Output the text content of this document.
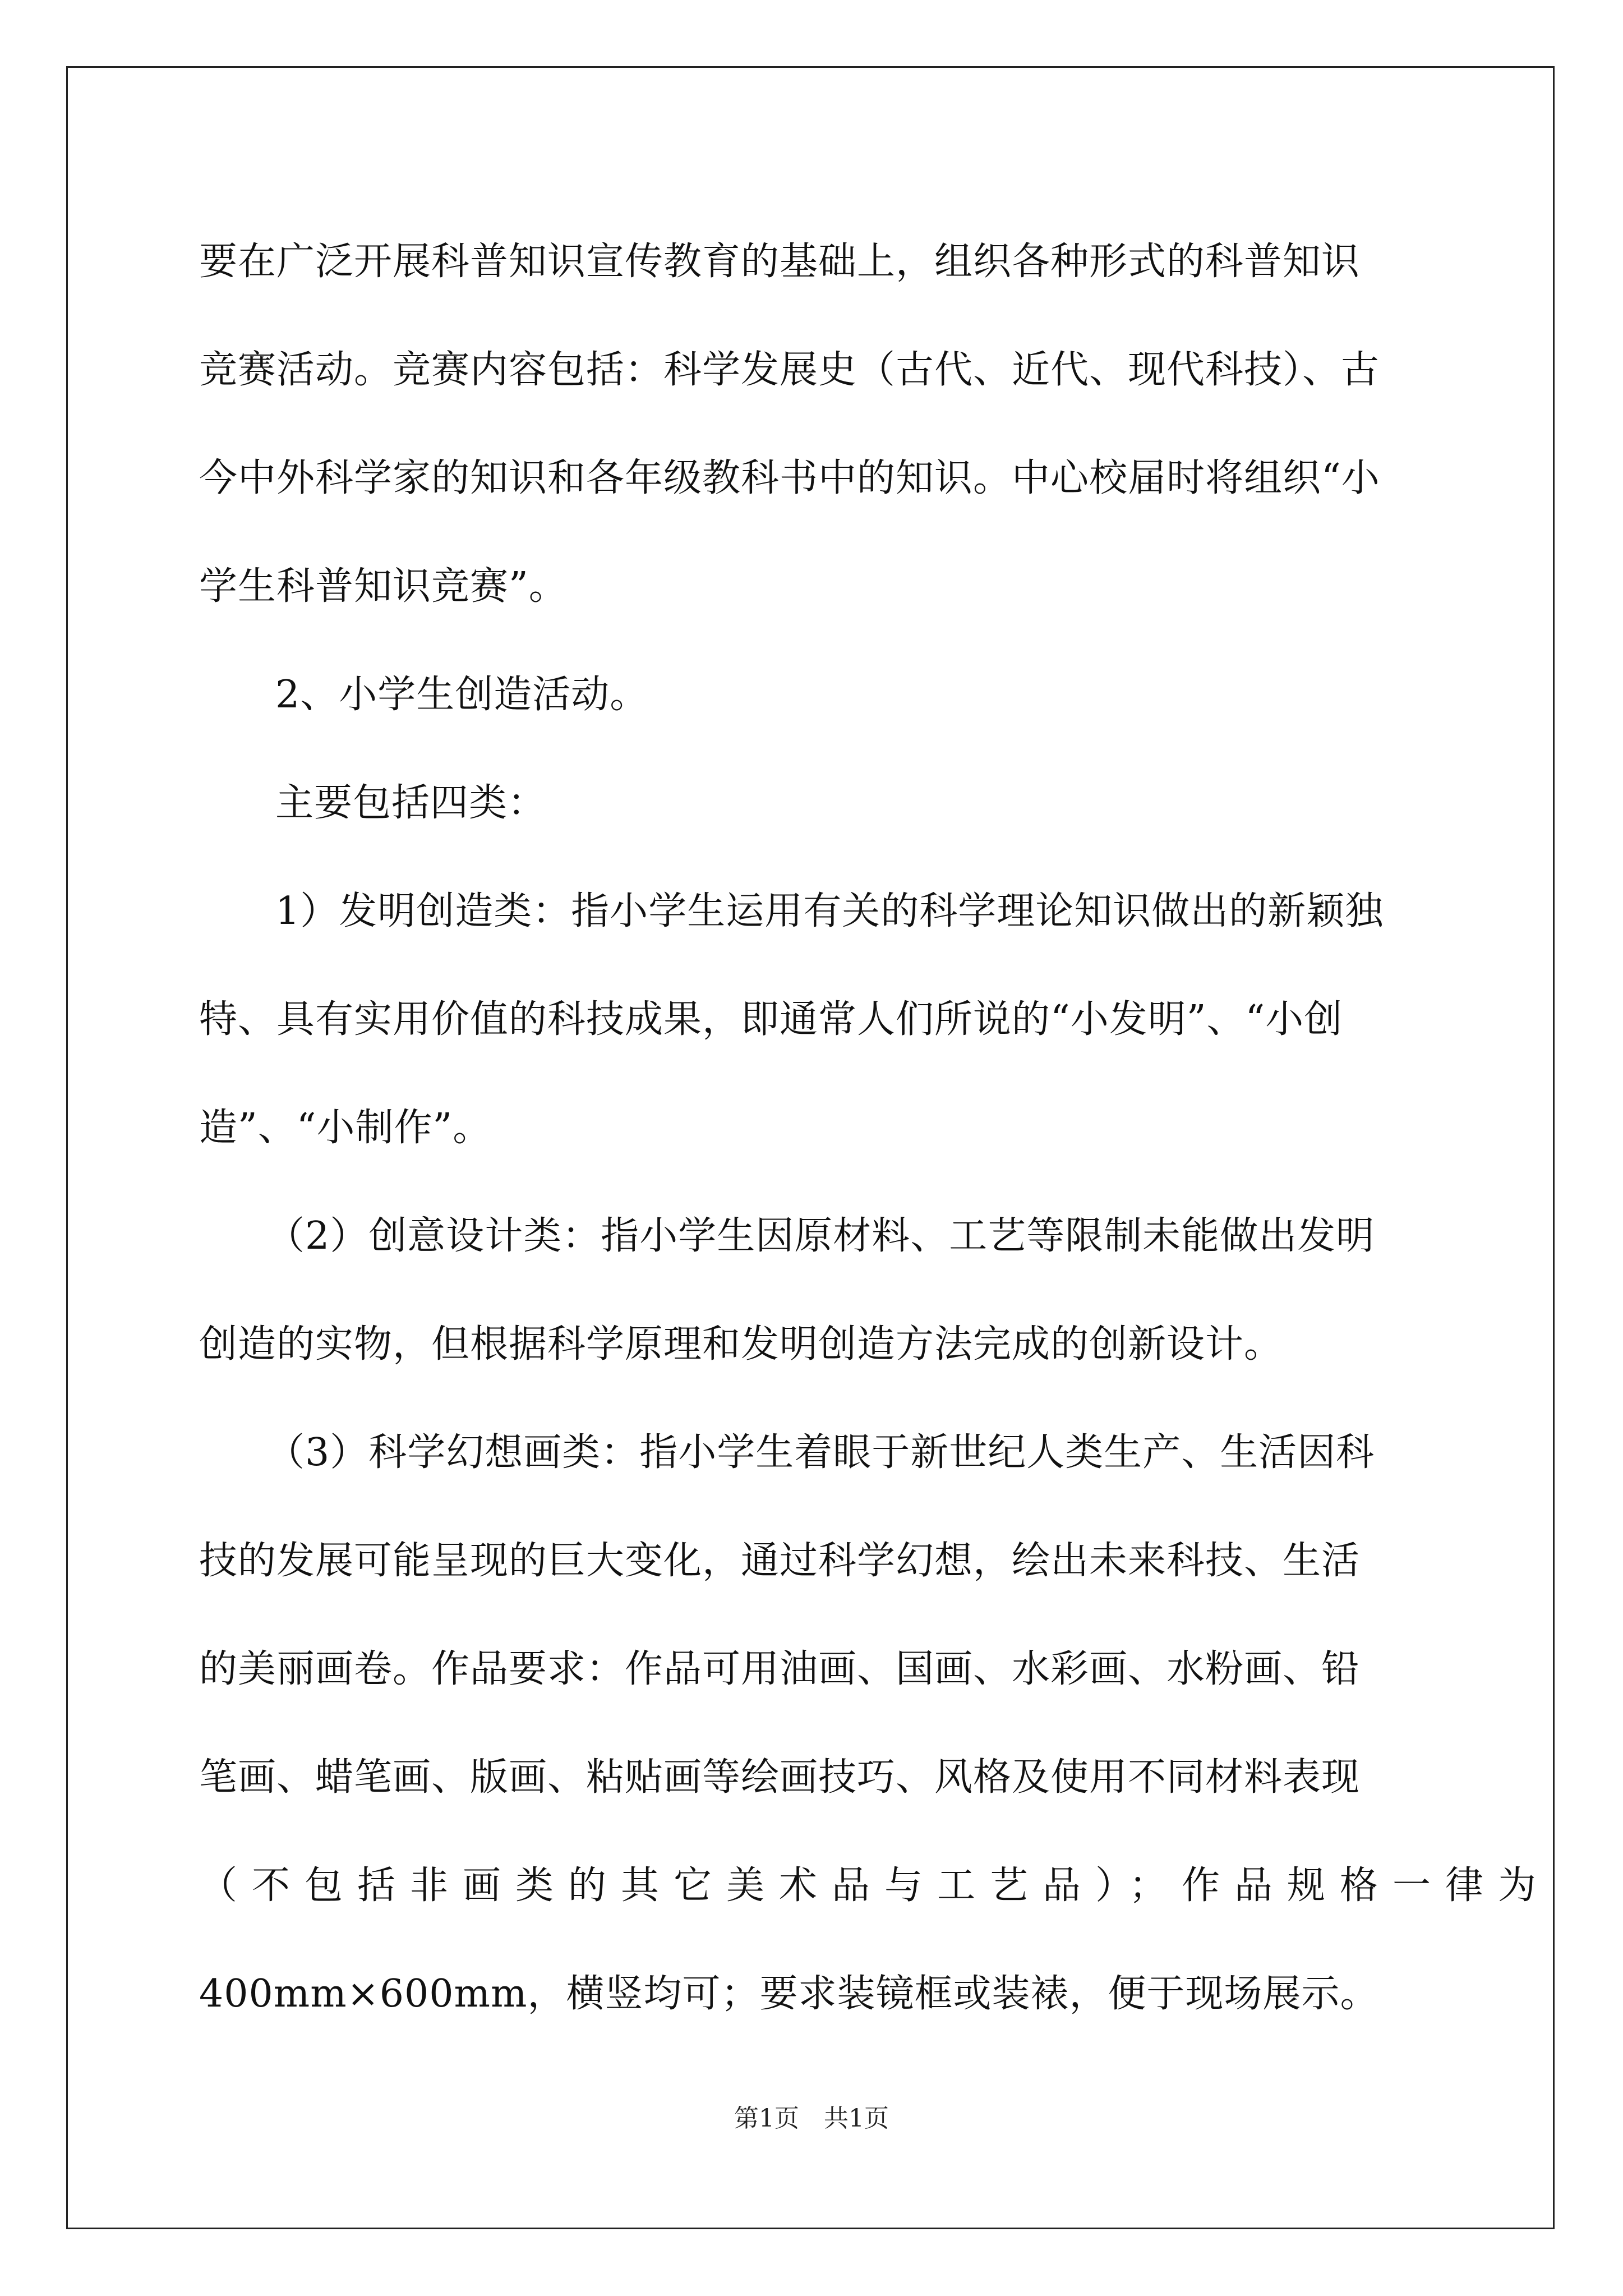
要在广泛开展科普知识宣传教育的基础上，组织各种形式的科普知识
竞赛活动。竞赛内容包括：科学发展史（古代、近代、现代科技）、古
今中外科学家的知识和各年级教科书中的知识。中心校届时将组织“小
学生科普知识竞赛”。
2、小学生创造活动。
主要包括四类：
1）发明创造类：指小学生运用有关的科学理论知识做出的新颖独
特、具有实用价值的科技成果，即通常人们所说的“小发明”、“小创
造”、“小制作”。
（2）创意设计类：指小学生因原材料、工艺等限制未能做出发明
创造的实物，但根据科学原理和发明创造方法完成的创新设计。
（3）科学幻想画类：指小学生着眼于新世纪人类生产、生活因科
技的发展可能呈现的巨大变化，通过科学幻想，绘出未来科技、生活
的美丽画卷。作品要求：作品可用油画、国画、水彩画、水粉画、铅
笔画、蜡笔画、版画、粘贴画等绘画技巧、风格及使用不同材料表现
（不包括非画类的其它美术品与工艺品）；作品规格一律为
400mm×600mm，横竖均可；要求装镜框或装裱，便于现场展示。
第1页　共1页
